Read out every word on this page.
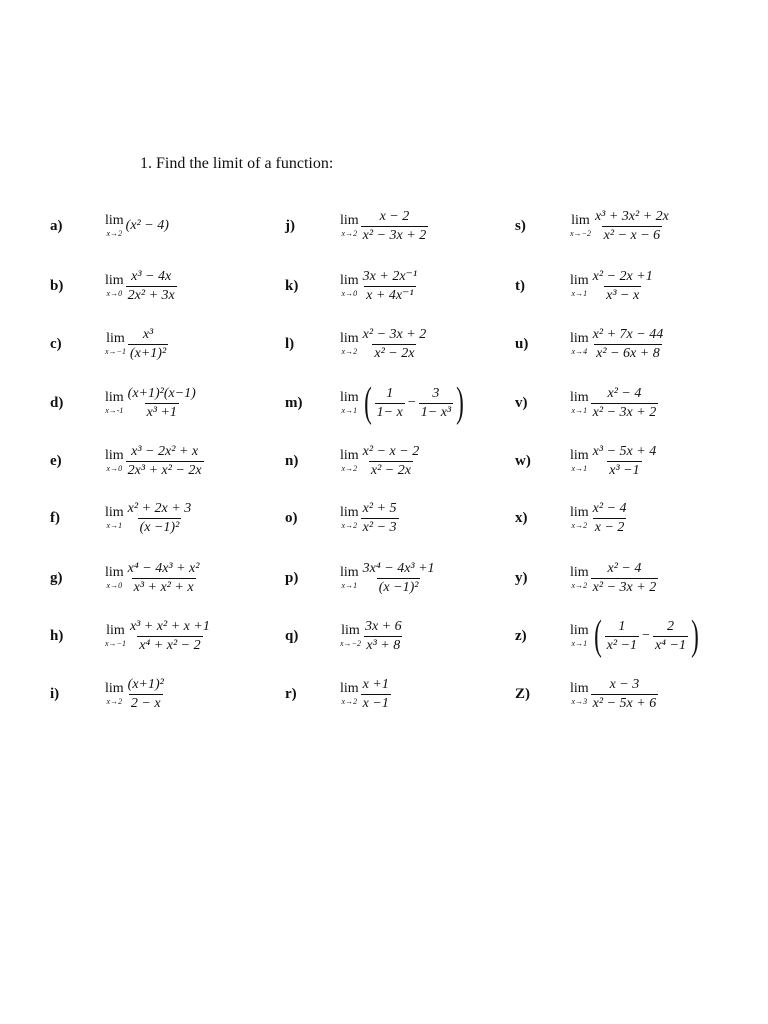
1. Find the limit of a function:
a)	lim
x→2
(x² − 4)
b)	lim
$x\to 0 \frac{\text{x³ − 4x}}{\text{2x² + 3x}}$
c)	lim
$x\to-1 \frac{\text{x³}}{\text{(x+1)²}}$
d)	lim
$x\to-1 \frac{\text{(x+1)²(x−1)}}{\text{x³ +1}}$
e)	lim
$x\to 0 \frac{\text{x³ − 2x² + x}}{\text{2x³ + x² − 2x}}$
f)	lim
$x\to 1 \frac{\text{x² + 2x + 3}}{\text{(x −1)²}}$
g)	lim
$x\to 0 \frac{\text{x⁴ − 4x³ + x²}}{\text{x³ + x² + x}}$
h)	lim
$x\to-1 \frac{\text{x³ + x² + x +1}}{\text{x⁴ + x² − 2}}$
i)	lim
$x\to 2 \frac{\text{(x+1)²}}{2 - x}$
j)	lim
$x\to 2 \frac{x - 2}{\text{x² − 3x + 2}}$
k)	lim
$x\to 0 \frac{\text{3x + 2x⁻¹}}{\text{x + 4x⁻¹}}$
l)	lim
$x\to 2 \frac{\text{x² − 3x + 2}}{\text{x² − 2x}}$
m)	lim
x→1 ( $\frac{1}{1- x} - \frac{3}{\text{1− x³}}$ )
n)	lim
$x\to 2 \frac{\text{x² − x − 2}}{\text{x² − 2x}}$
o)	lim
$x\to 2 \frac{\text{x² + 5}}{\text{x² − 3}}$
p)	lim
$x\to 1 \frac{\text{3x⁴ − 4x³ +1}}{\text{(x −1)²}}$
q)	lim
$x\to-2 \frac{3x + 6}{\text{x³ + 8}}$
r)	lim
$x\to 2 \frac{x +1}{x -1}$
s)	lim
$x\to-2 \frac{\text{x³ + 3x² + 2x}}{\text{x² − x − 6}}$
t)	lim
$x\to 1 \frac{\text{x² − 2x +1}}{\text{x³ − x}}$
u)	lim
$x\to 4 \frac{\text{x² + 7x − 44}}{\text{x² − 6x + 8}}$
v)	lim
$x\to 1 \frac{\text{x² − 4}}{\text{x² − 3x + 2}}$
w)	lim
$x\to 1 \frac{\text{x³ − 5x + 4}}{\text{x³ −1}}$
x)	lim
$x\to 2 \frac{\text{x² − 4}}{x - 2}$
y)	lim
$x\to 2 \frac{\text{x² − 4}}{\text{x² − 3x + 2}}$
z)	lim
x→1 ( $\frac{1}{\text{x² −1}} - \frac{2}{\text{x⁴ −1}}$ )
Z)	lim
$x\to 3 \frac{x - 3}{\text{x² − 5x + 6}}$
